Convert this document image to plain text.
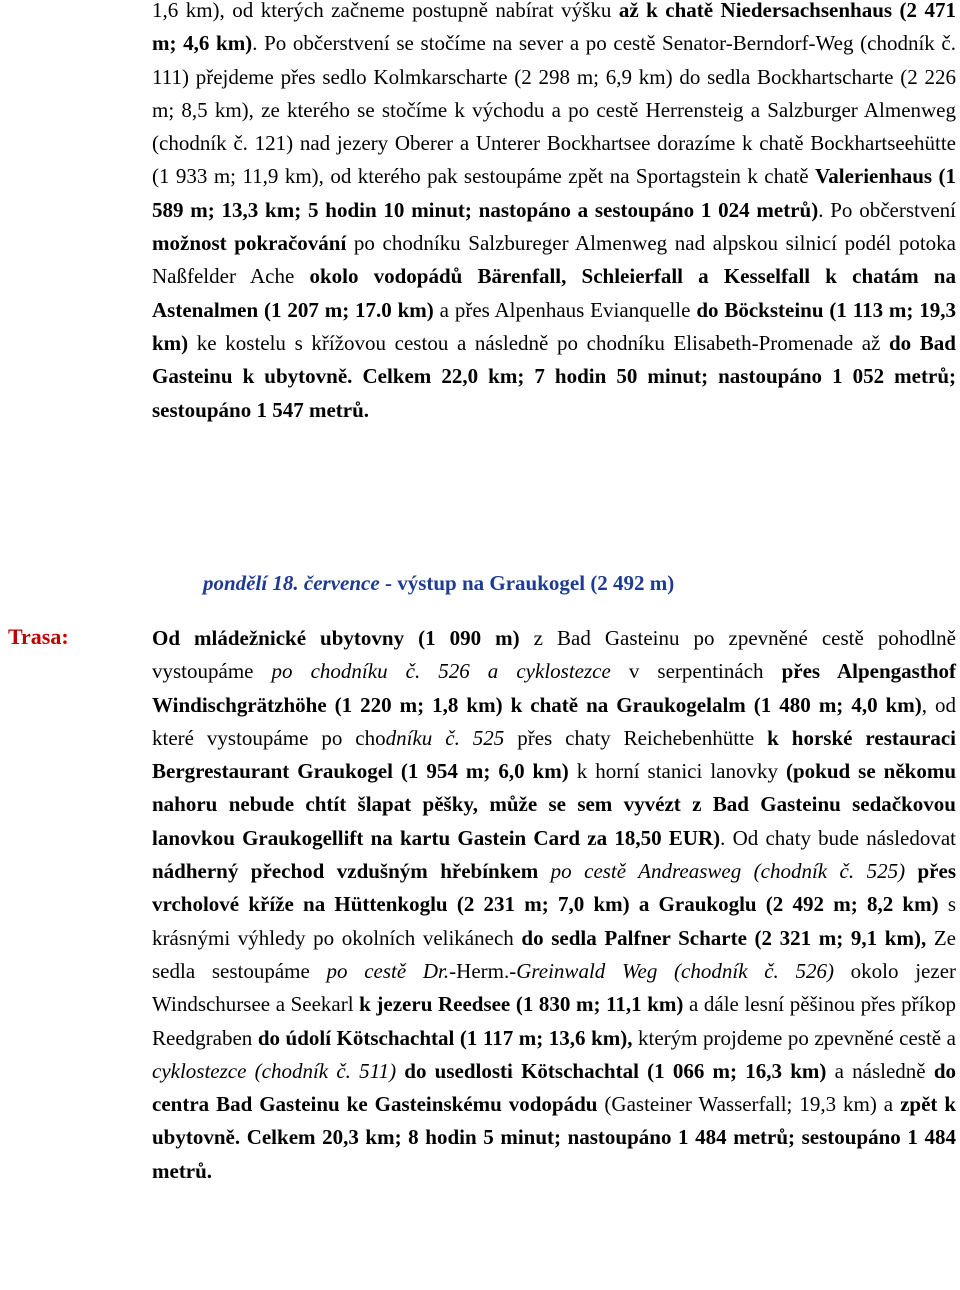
1,6 km), od kterých začneme postupně nabírat výšku až k chatě Niedersachsenhaus (2 471 m; 4,6 km). Po občerstvení se stočíme na sever a po cestě Senator-Berndorf-Weg (chodník č. 111) přejdeme přes sedlo Kolmkarscharte (2 298 m; 6,9 km) do sedla Bockhartscharte (2 226 m; 8,5 km), ze kterého se stočíme k východu a po cestě Herrensteig a Salzburger Almenweg (chodník č. 121) nad jezery Oberer a Unterer Bockhartsee dorazíme k chatě Bockhartseehütte (1 933 m; 11,9 km), od kterého pak sestoupáme zpět na Sportagstein k chatě Valerienhaus (1 589 m; 13,3 km; 5 hodin 10 minut; nastopáno a sestoupáno 1 024 metrů). Po občerstvení možnost pokračování po chodníku Salzbureger Almenweg nad alpskou silnicí podél potoka Naßfelder Ache okolo vodopádů Bärenfall, Schleierfall a Kesselfall k chatám na Astenalmen (1 207 m; 17.0 km) a přes Alpenhaus Evianquelle do Böcksteinu (1 113 m; 19,3 km) ke kostelu s křížovou cestou a následně po chodníku Elisabeth-Promenade až do Bad Gasteinu k ubytovně. Celkem 22,0 km; 7 hodin 50 minut; nastoupáno 1 052 metrů; sestoupáno 1 547 metrů.

pondělí 18. července - výstup na Graukogel (2 492 m)

Trasa:	Od mládežnické ubytovny (1 090 m) z Bad Gasteinu po zpevněné cestě pohodlně vystoupáme po chodníku č. 526 a cyklostezce v serpentinách přes Alpengasthof Windischgrätzhöhe (1 220 m; 1,8 km) k chatě na Graukogelalm (1 480 m; 4,0 km), od které vystoupáme po chodníku č. 525 přes chaty Reichebenhütte k horské restauraci Bergrestaurant Graukogel (1 954 m; 6,0 km) k horní stanici lanovky (pokud se někomu nahoru nebude chtít šlapat pěšky, může se sem vyvézt z Bad Gasteinu sedačkovou lanovkou Graukogellift na kartu Gastein Card za 18,50 EUR). Od chaty bude následovat nádherný přechod vzdušným hřebínkem po cestě Andreasweg (chodník č. 525) přes vrcholové kříže na Hüttenkoglu (2 231 m; 7,0 km) a Graukoglu (2 492 m; 8,2 km) s krásnými výhledy po okolních velikánech do sedla Palfner Scharte (2 321 m; 9,1 km), Ze sedla sestoupáme po cestě Dr.-Herm.-Greinwald Weg (chodník č. 526) okolo jezer Windschursee a Seekarl k jezeru Reedsee (1 830 m; 11,1 km) a dále lesní pěšinou přes příkop Reedgraben do údolí Kötschachtal (1 117 m; 13,6 km), kterým projdeme po zpevněné cestě a cyklostezce (chodník č. 511) do usedlosti Kötschachtal (1 066 m; 16,3 km) a následně do centra Bad Gasteinu ke Gasteinskému vodopádu (Gasteiner Wasserfall; 19,3 km) a zpět k ubytovně. Celkem 20,3 km; 8 hodin 5 minut; nastoupáno 1 484 metrů; sestoupáno 1 484 metrů.
